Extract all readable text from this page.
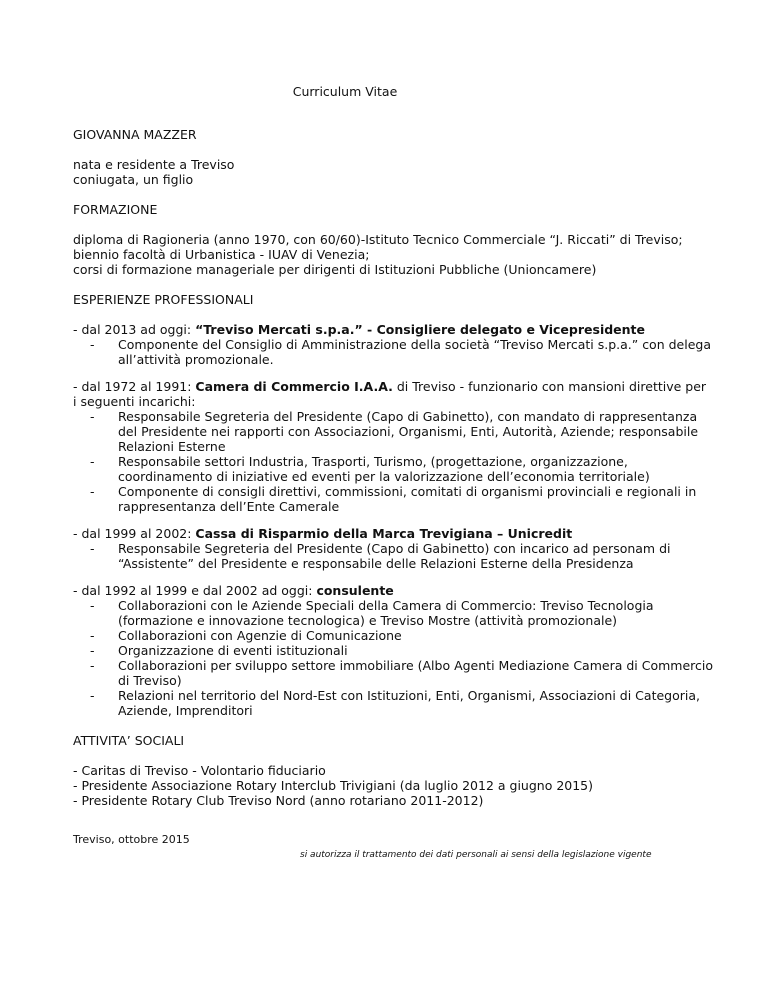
Curriculum Vitae

GIOVANNA MAZZER

nata e residente a Treviso

coniugata, un figlio

FORMAZIONE

diploma di Ragioneria (anno 1970, con 60/60)-Istituto Tecnico Commerciale “J. Riccati” di Treviso;

biennio facoltà di Urbanistica - IUAV di Venezia;

corsi di formazione manageriale per dirigenti di Istituzioni Pubbliche (Unioncamere)

ESPERIENZE PROFESSIONALI

- dal 2013 ad oggi: “Treviso Mercati s.p.a.” - Consigliere delegato e Vicepresidente

- Componente del Consiglio di Amministrazione della società “Treviso Mercati s.p.a.” con delega all’attività promozionale.

- dal 1972 al 1991: Camera di Commercio I.A.A. di Treviso - funzionario con mansioni direttive per i seguenti incarichi:

- Responsabile Segreteria del Presidente (Capo di Gabinetto), con mandato di rappresentanza del Presidente nei rapporti con Associazioni, Organismi, Enti, Autorità, Aziende; responsabile Relazioni Esterne
- Responsabile settori Industria, Trasporti, Turismo, (progettazione, organizzazione, coordinamento di iniziative ed eventi per la valorizzazione dell’economia territoriale)
- Componente di consigli direttivi, commissioni, comitati di organismi provinciali e regionali in rappresentanza dell’Ente Camerale

- dal 1999 al 2002: Cassa di Risparmio della Marca Trevigiana – Unicredit

- Responsabile Segreteria del Presidente (Capo di Gabinetto) con incarico ad personam di “Assistente” del Presidente e responsabile delle Relazioni Esterne della Presidenza

- dal 1992 al 1999 e dal 2002 ad oggi: consulente

- Collaborazioni con le Aziende Speciali della Camera di Commercio: Treviso Tecnologia (formazione e innovazione tecnologica) e Treviso Mostre (attività promozionale)
- Collaborazioni con Agenzie di Comunicazione
- Organizzazione di eventi istituzionali
- Collaborazioni per sviluppo settore immobiliare (Albo Agenti Mediazione Camera di Commercio di Treviso)
- Relazioni nel territorio del Nord-Est con Istituzioni, Enti, Organismi, Associazioni di Categoria, Aziende, Imprenditori

ATTIVITA’ SOCIALI

- Caritas di Treviso - Volontario fiduciario

- Presidente Associazione Rotary Interclub Trivigiani (da luglio 2012 a giugno 2015)

- Presidente Rotary Club Treviso Nord (anno rotariano 2011-2012)

Treviso, ottobre 2015
si autorizza il trattamento dei dati personali ai sensi della legislazione vigente
